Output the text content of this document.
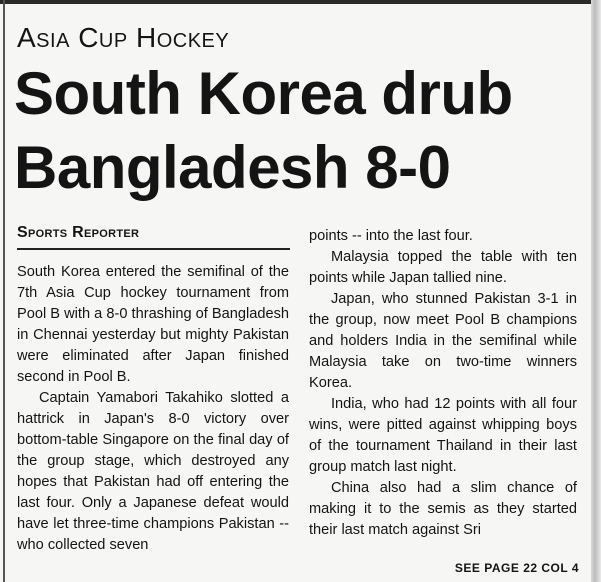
Asia Cup Hockey
South Korea drub Bangladesh 8-0
Sports Reporter

South Korea entered the semifinal of the 7th Asia Cup hockey tournament from Pool B with a 8-0 thrashing of Bangladesh in Chennai yesterday but mighty Pakistan were eliminated after Japan finished second in Pool B.

Captain Yamabori Takahiko slotted a hattrick in Japan's 8-0 victory over bottom-table Singapore on the final day of the group stage, which destroyed any hopes that Pakistan had off entering the last four. Only a Japanese defeat would have let three-time champions Pakistan -- who collected seven

points -- into the last four.

Malaysia topped the table with ten points while Japan tallied nine.

Japan, who stunned Pakistan 3-1 in the group, now meet Pool B champions and holders India in the semifinal while Malaysia take on two-time winners Korea.

India, who had 12 points with all four wins, were pitted against whipping boys of the tournament Thailand in their last group match last night.

China also had a slim chance of making it to the semis as they started their last match against Sri

SEE PAGE 22 COL 4
